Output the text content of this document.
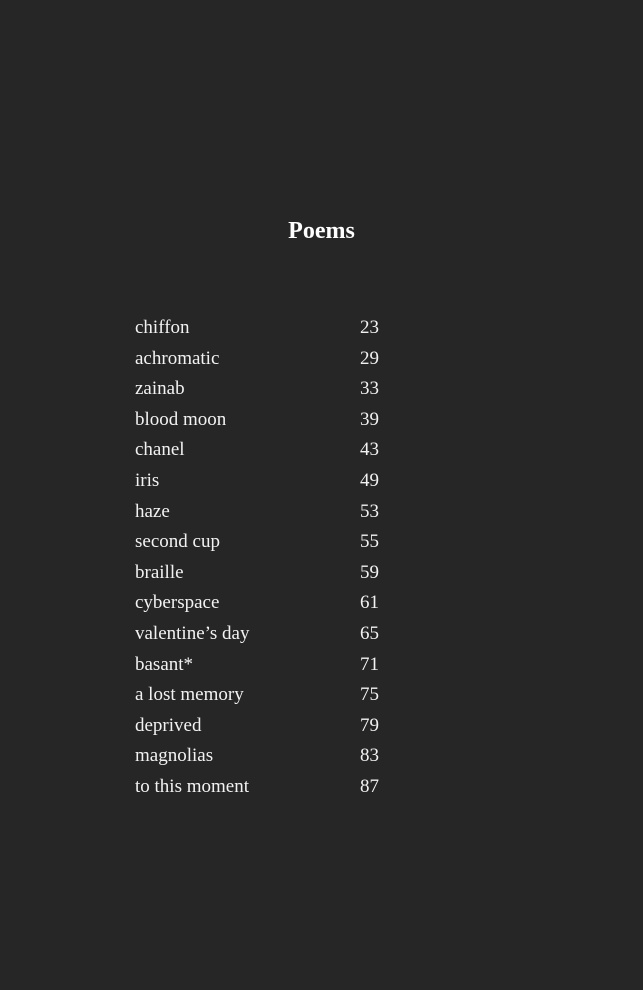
Poems
chiffon	23
achromatic	29
zainab	33
blood moon	39
chanel	43
iris	49
haze	53
second cup	55
braille	59
cyberspace	61
valentine’s day	65
basant*	71
a lost memory	75
deprived	79
magnolias	83
to this moment	87
